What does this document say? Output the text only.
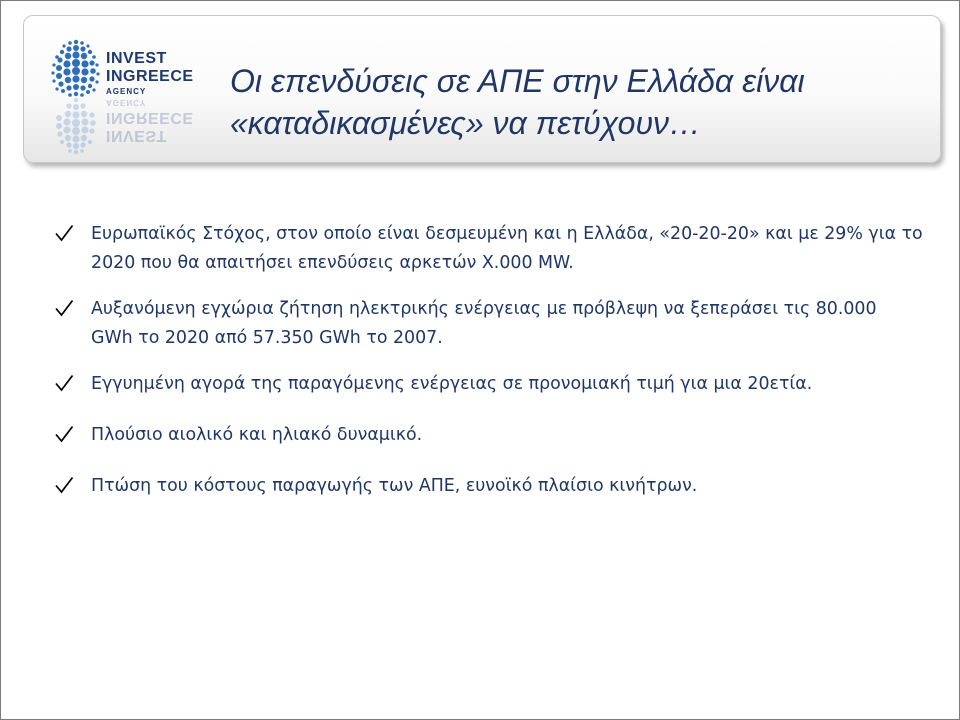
INVEST
INGREECE
AGENCY
INVEST
INGREECE
AGENCY
Οι επενδύσεις σε ΑΠΕ στην Ελλάδα είναι
«καταδικασμένες» να πετύχουν…
Ευρωπαϊκός Στόχος, στον οποίο είναι δεσμευμένη και η Ελλάδα, «20-20-20» και με 29% για το 2020 που θα απαιτήσει επενδύσεις αρκετών Χ.000 MW.
Αυξανόμενη εγχώρια ζήτηση ηλεκτρικής ενέργειας με πρόβλεψη να ξεπεράσει τις 80.000 GWh το 2020 από 57.350 GWh το 2007.
Εγγυημένη αγορά της παραγόμενης ενέργειας σε προνομιακή τιμή για μια 20ετία.
Πλούσιο αιολικό και ηλιακό δυναμικό.
Πτώση του κόστους παραγωγής των ΑΠΕ, ευνοϊκό πλαίσιο κινήτρων.
